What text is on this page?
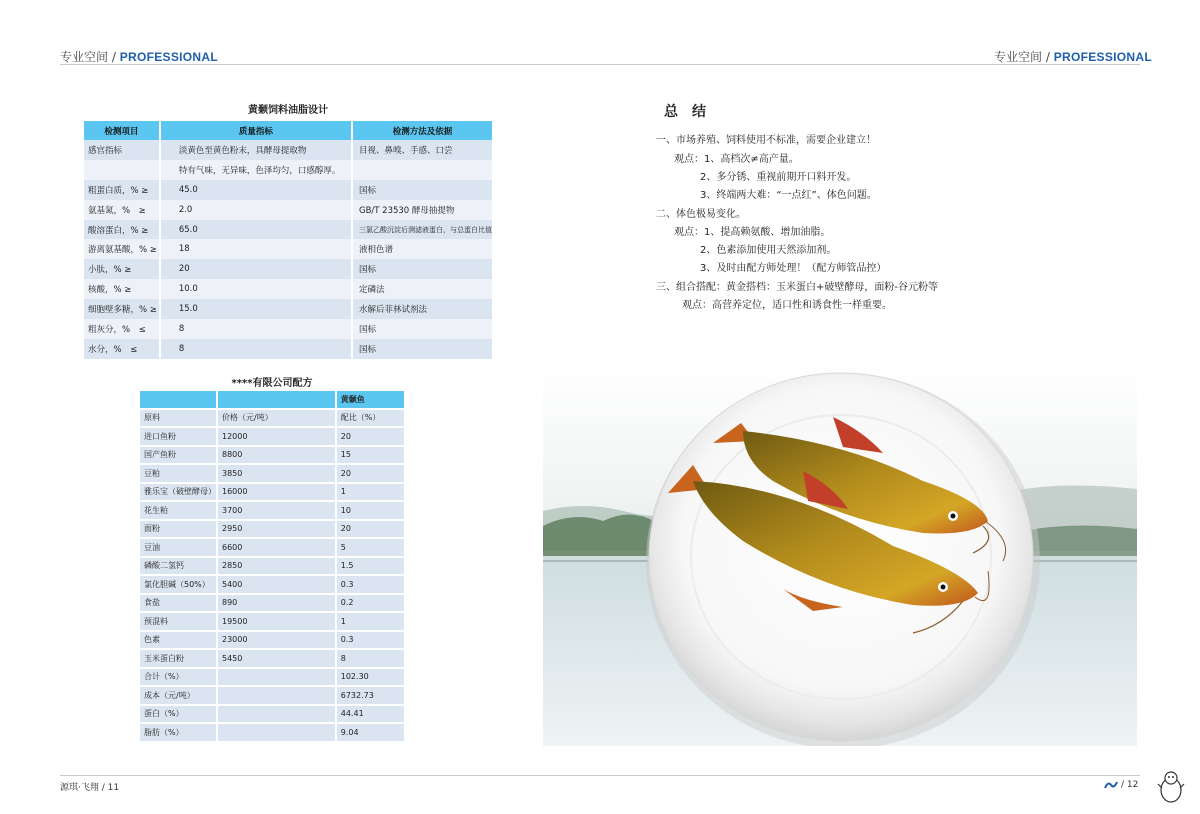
专业空间 / PROFESSIONAL	专业空间 / PROFESSIONAL
黄颡饲料油脂设计
检测项目	质量指标	检测方法及依据
感官指标	淡黄色至黄色粉末，具酵母提取物	目视、鼻嗅、手感、口尝
	特有气味，无异味，色泽均匀，口感醇厚。	
粗蛋白质，% ≥	45.0	国标
氨基氮，%　≥	2.0	GB/T 23530 酵母抽提物
酸溶蛋白，% ≥	65.0	三氯乙酸沉淀后测滤液蛋白，与总蛋白比值
游离氨基酸，% ≥	18	液相色谱
小肽，% ≥	20	国标
核酸，% ≥	10.0	定磷法
细胞壁多糖，% ≥	15.0	水解后菲林试剂法
粗灰分，%　≤	8	国标
水分，%　≤	8	国标
****有限公司配方
		黄颡鱼
原料	价格（元/吨）	配比（%）
进口鱼粉	12000	20
国产鱼粉	8800	15
豆粕	3850	20
雅乐宝（破壁酵母）	16000	1
花生粕	3700	10
面粉	2950	20
豆油	6600	5
磷酸二氢钙	2850	1.5
氯化胆碱（50%）	5400	0.3
食盐	890	0.2
预混料	19500	1
色素	23000	0.3
玉米蛋白粉	5450	8
合计（%）		102.30
成本（元/吨）		6732.73
蛋白（%）		44.41
脂肪（%）		9.04
总结
一、市场养殖、饲料使用不标准，需要企业建立！
观点：1、高档次≠高产量。
2、多分锈、重视前期开口料开发。
3、终端两大难：“一点红”、体色问题。
二、体色极易变化。
观点：1、提高赖氨酸、增加油脂。
2、色素添加使用天然添加剂。
3、及时由配方师处理！（配方师管品控）
三、组合搭配：黄金搭档：玉米蛋白+破壁酵母，面粉-谷元粉等
观点：高营养定位，适口性和诱食性一样重要。
源琪·飞翔 / 11	/ 12
